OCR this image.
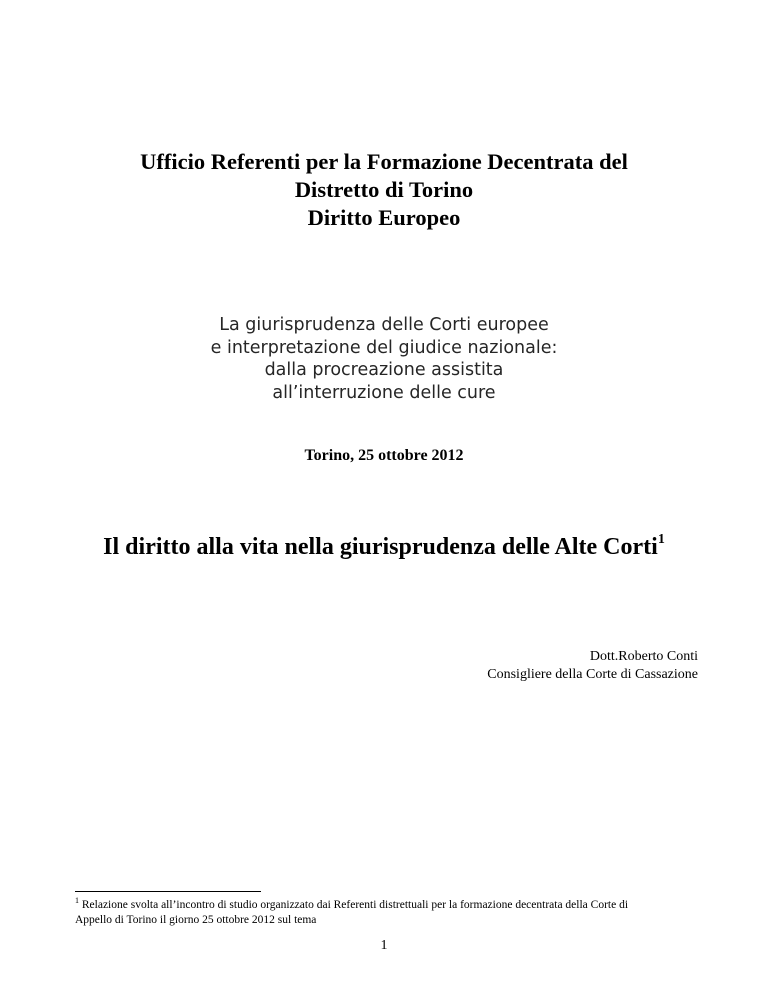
Ufficio Referenti per la Formazione Decentrata del
Distretto di Torino
Diritto Europeo
La giurisprudenza delle Corti europee
e interpretazione del giudice nazionale:
dalla procreazione assistita
all’interruzione delle cure
Torino, 25 ottobre 2012
Il diritto alla vita nella giurisprudenza delle Alte Corti$^1$
Dott.Roberto Conti
Consigliere della Corte di Cassazione
$^1$ Relazione svolta all’incontro di studio organizzato dai Referenti distrettuali per la formazione decentrata della Corte di
Appello di Torino il giorno 25 ottobre 2012 sul tema
1
